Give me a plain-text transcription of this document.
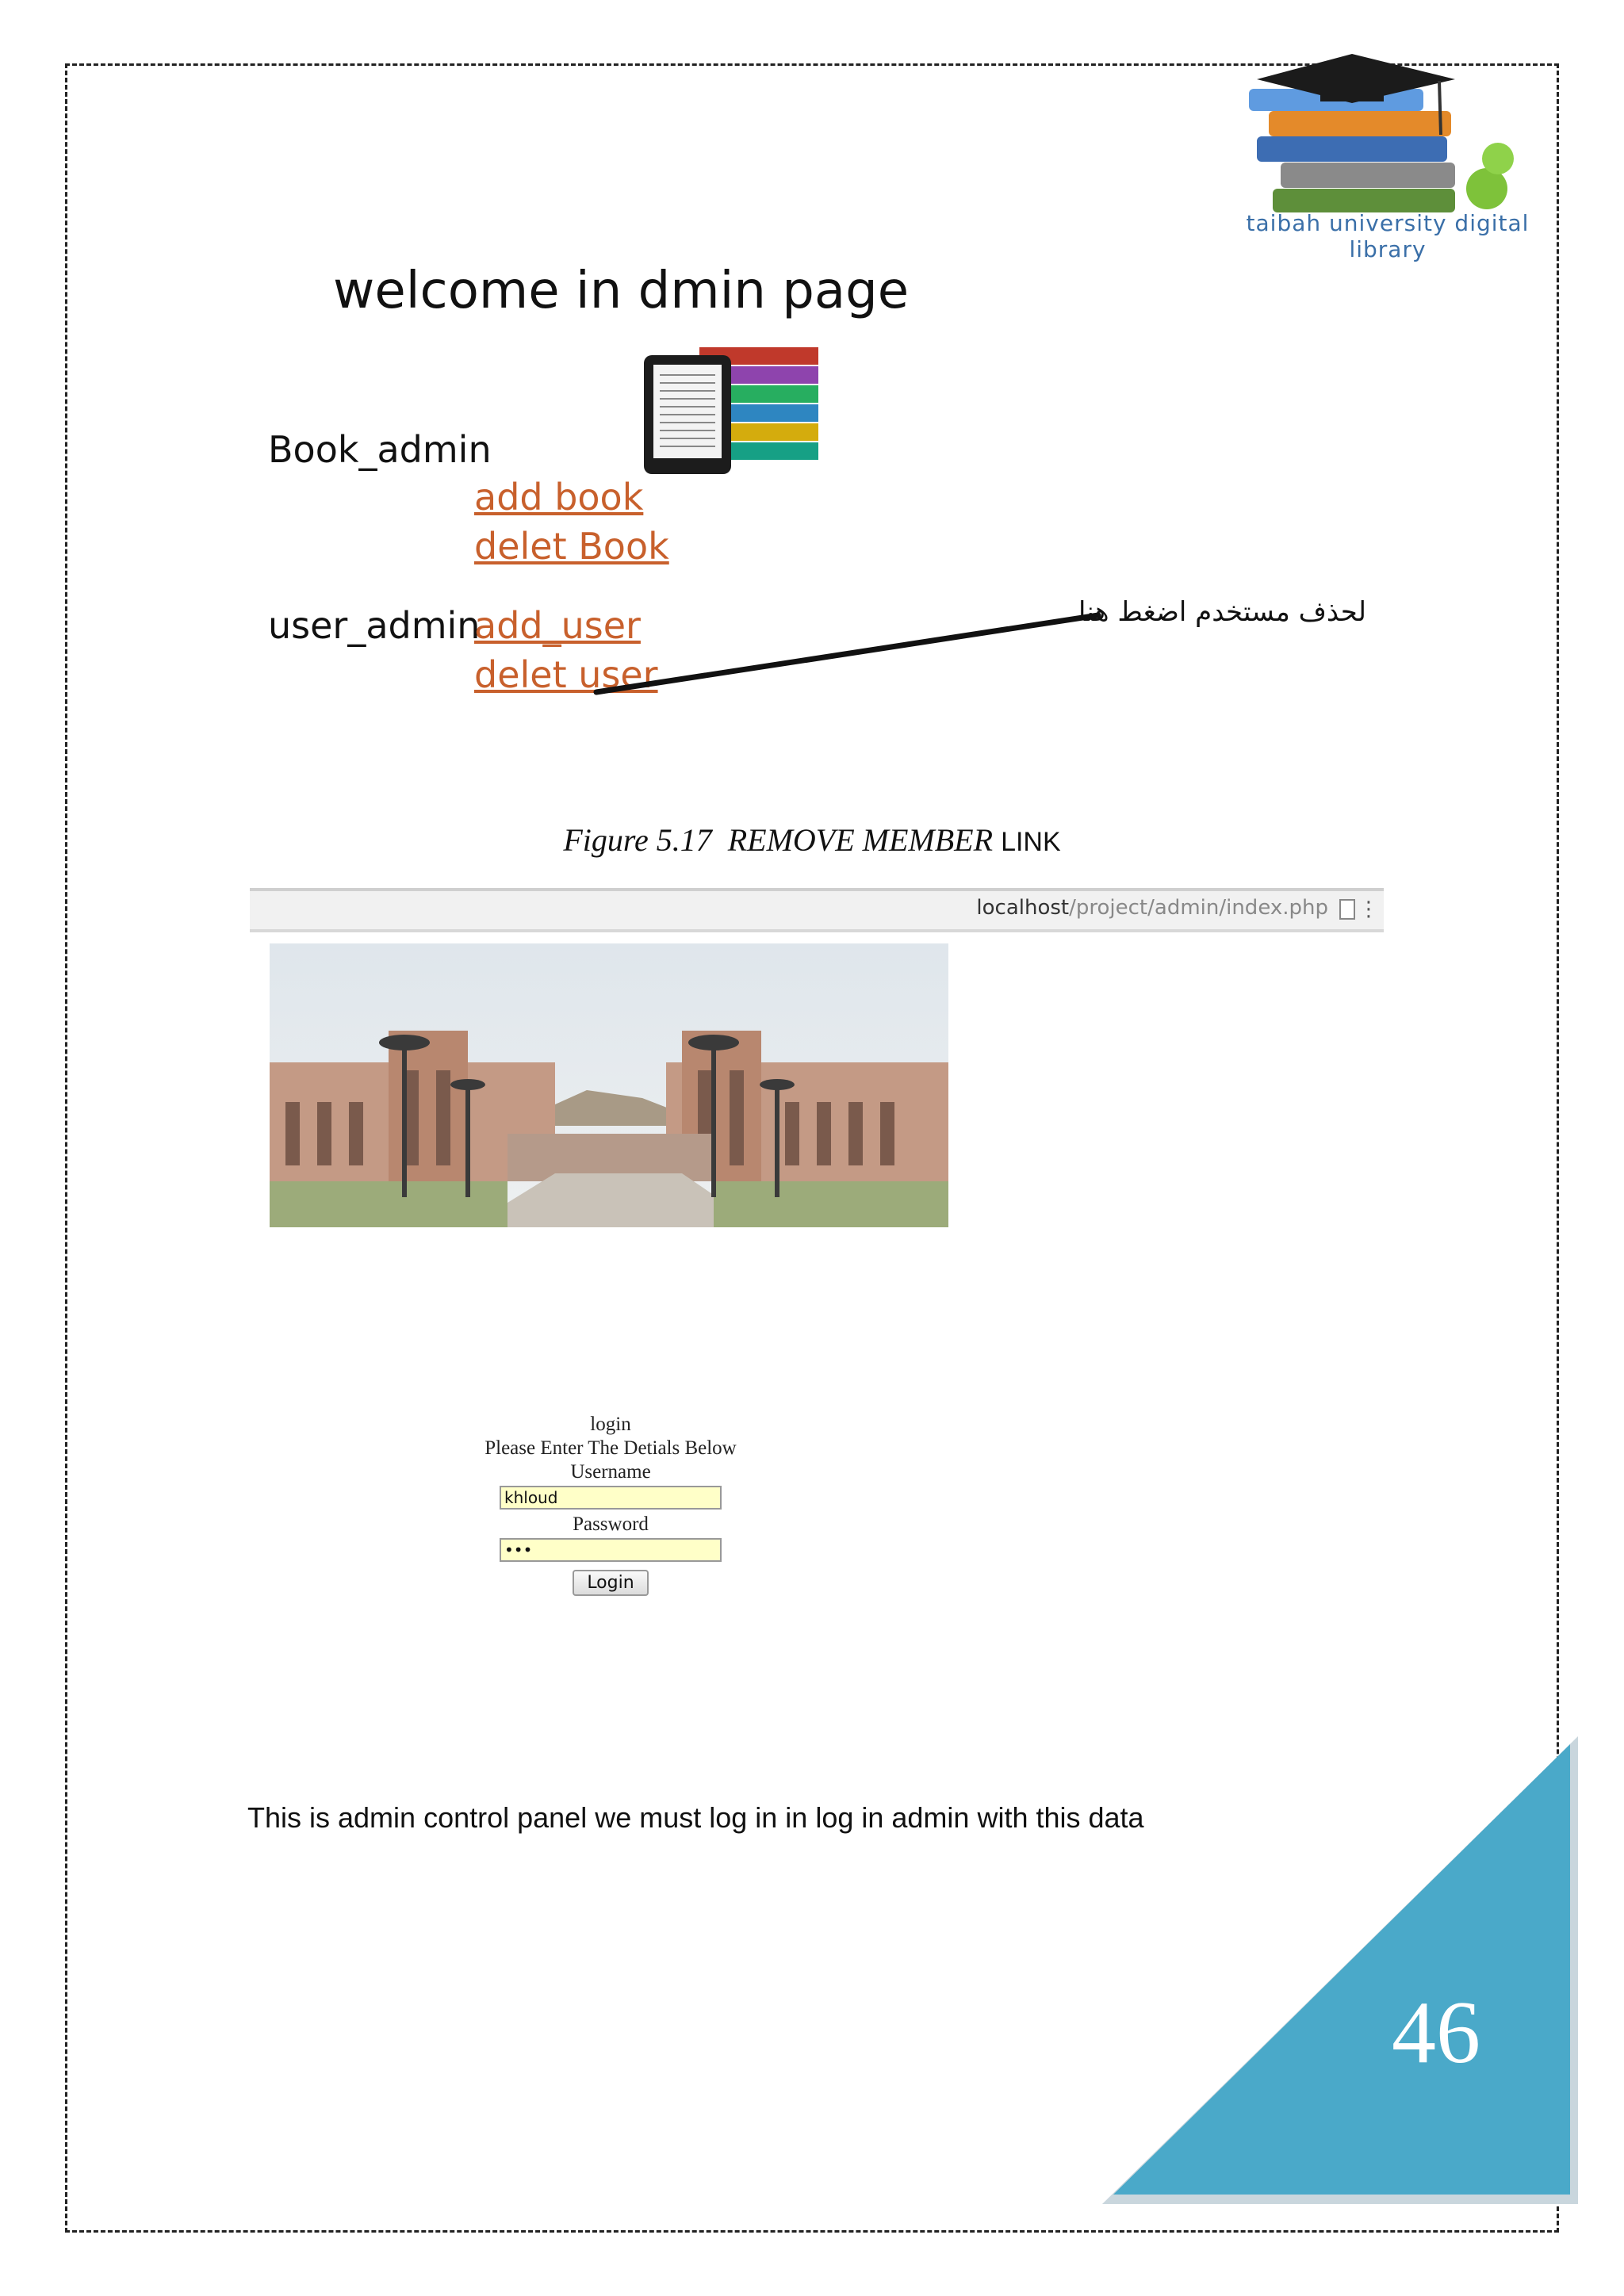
taibah university digital library
welcome in dmin page
Book_admin
add book
delet Book
user_admin
add_user
delet user
لحذف مستخدم اضغط هنا
Figure 5.17 REMOVE MEMBER LINK
localhost/project/admin/index.php ⋮
login
Please Enter The Detials Below
Username
khloud
Password
•••
Login
This is admin control panel we must log in in log in admin with this data
46
